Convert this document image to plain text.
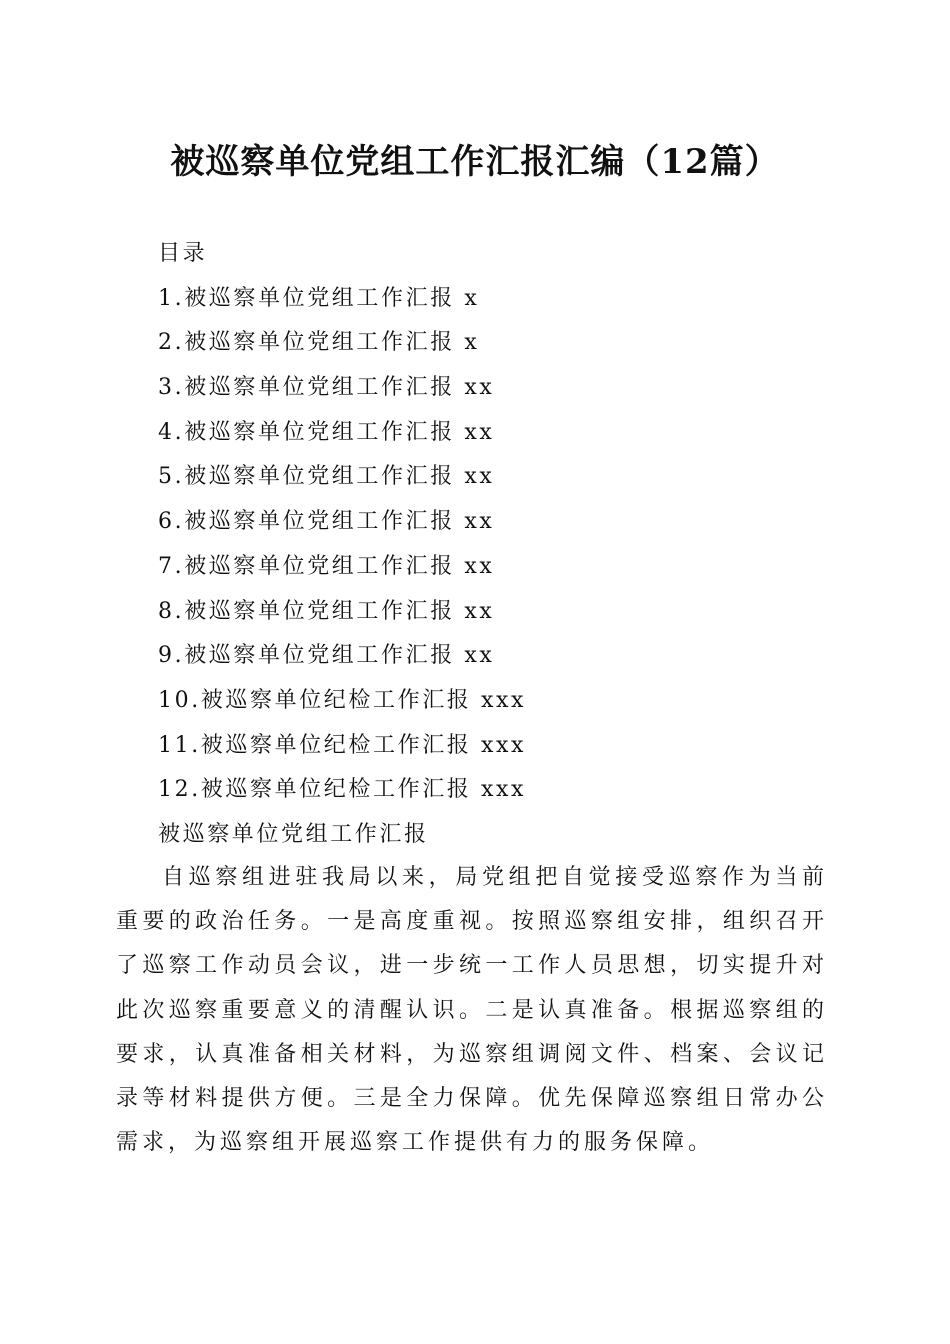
被巡察单位党组工作汇报汇编（12篇）
目录
1.被巡察单位党组工作汇报 x
2.被巡察单位党组工作汇报 x
3.被巡察单位党组工作汇报 xx
4.被巡察单位党组工作汇报 xx
5.被巡察单位党组工作汇报 xx
6.被巡察单位党组工作汇报 xx
7.被巡察单位党组工作汇报 xx
8.被巡察单位党组工作汇报 xx
9.被巡察单位党组工作汇报 xx
10.被巡察单位纪检工作汇报 xxx
11.被巡察单位纪检工作汇报 xxx
12.被巡察单位纪检工作汇报 xxx
被巡察单位党组工作汇报

自巡察组进驻我局以来，局党组把自觉接受巡察作为当前重要的政治任务。一是高度重视。按照巡察组安排，组织召开了巡察工作动员会议，进一步统一工作人员思想，切实提升对此次巡察重要意义的清醒认识。二是认真准备。根据巡察组的要求，认真准备相关材料，为巡察组调阅文件、档案、会议记录等材料提供方便。三是全力保障。优先保障巡察组日常办公需求，为巡察组开展巡察工作提供有力的服务保障。
